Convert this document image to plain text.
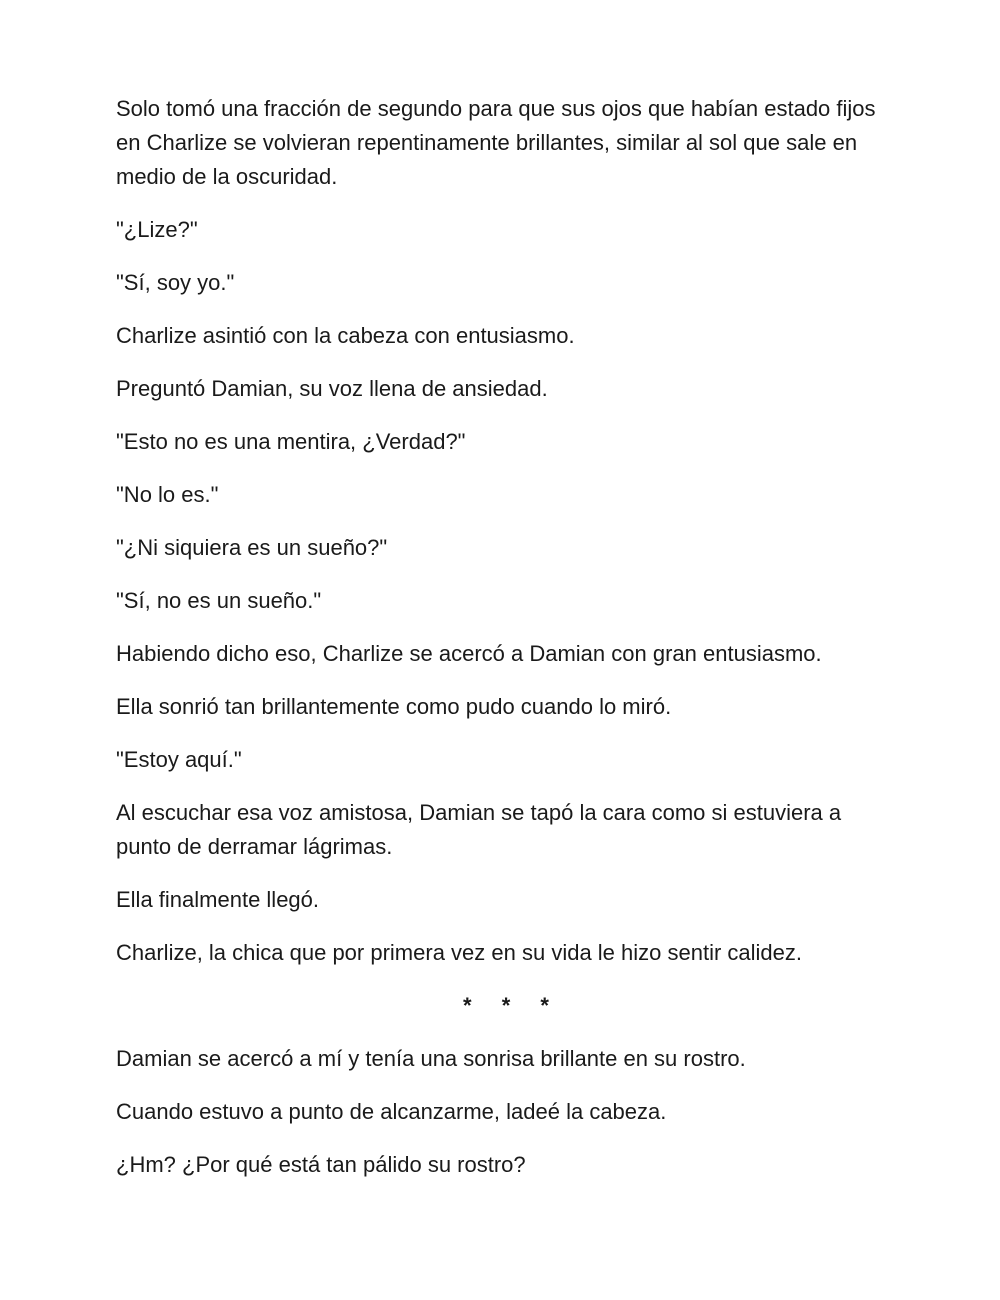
Solo tomó una fracción de segundo para que sus ojos que habían estado fijos en Charlize se volvieran repentinamente brillantes, similar al sol que sale en medio de la oscuridad.

"¿Lize?"

"Sí, soy yo."

Charlize asintió con la cabeza con entusiasmo.

Preguntó Damian, su voz llena de ansiedad.

"Esto no es una mentira, ¿Verdad?"

"No lo es."

"¿Ni siquiera es un sueño?"

"Sí, no es un sueño."

Habiendo dicho eso, Charlize se acercó a Damian con gran entusiasmo.

Ella sonrió tan brillantemente como pudo cuando lo miró.

"Estoy aquí."

Al escuchar esa voz amistosa, Damian se tapó la cara como si estuviera a punto de derramar lágrimas.

Ella finalmente llegó.

Charlize, la chica que por primera vez en su vida le hizo sentir calidez.

* * *

Damian se acercó a mí y tenía una sonrisa brillante en su rostro.

Cuando estuvo a punto de alcanzarme, ladeé la cabeza.

¿Hm? ¿Por qué está tan pálido su rostro?
